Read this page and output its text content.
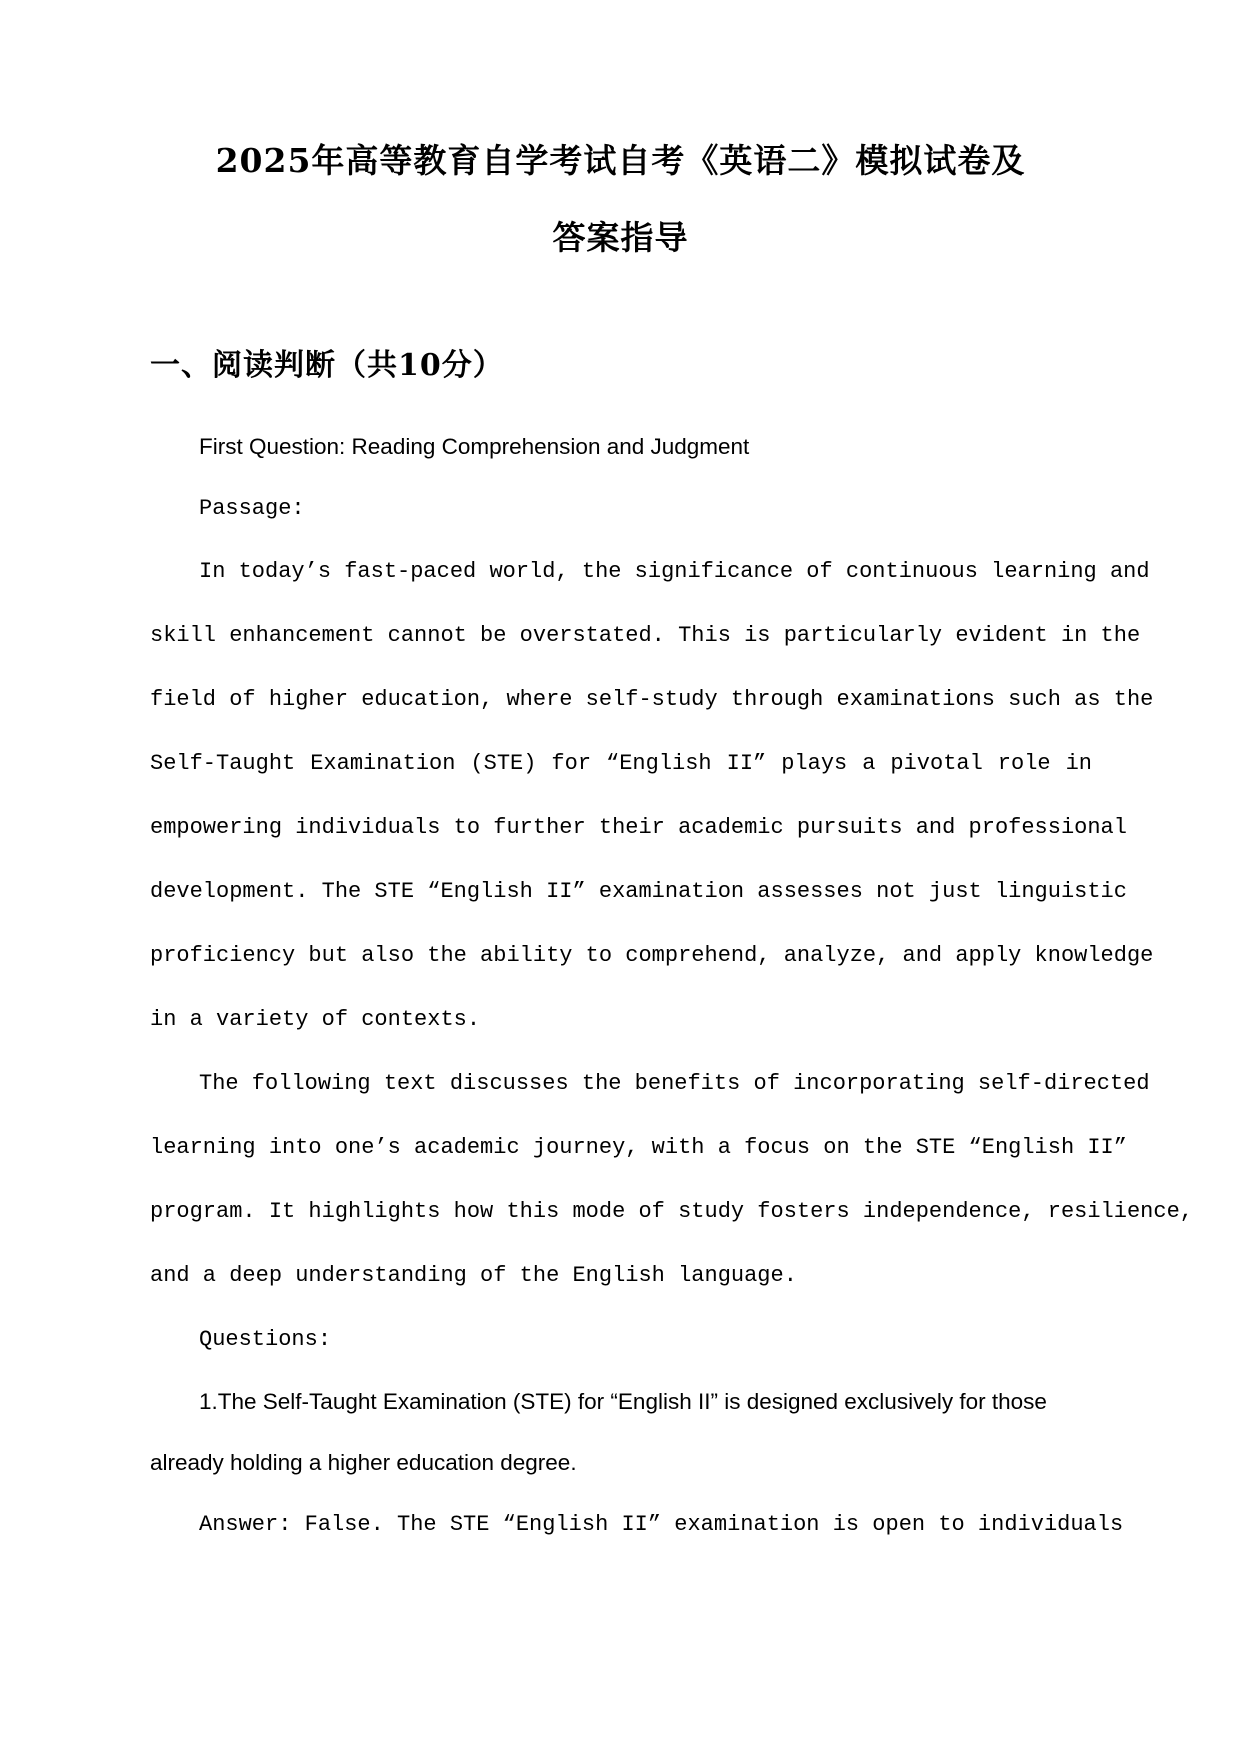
2025年高等教育自学考试自考《英语二》模拟试卷及
答案指导
一、阅读判断（共10分）
First Question: Reading Comprehension and Judgment
Passage:
In today’s fast-paced world, the significance of continuous learning and
skill enhancement cannot be overstated. This is particularly evident in the
field of higher education, where self-study through examinations such as the
Self-Taught Examination (STE) for “English II” plays a pivotal role in
empowering individuals to further their academic pursuits and professional
development. The STE “English II” examination assesses not just linguistic
proficiency but also the ability to comprehend, analyze, and apply knowledge
in a variety of contexts.
The following text discusses the benefits of incorporating self-directed
learning into one’s academic journey, with a focus on the STE “English II”
program. It highlights how this mode of study fosters independence, resilience,
and a deep understanding of the English language.
Questions:
1.The Self-Taught Examination (STE) for “English II” is designed exclusively for those
already holding a higher education degree.
Answer: False. The STE “English II” examination is open to individuals
